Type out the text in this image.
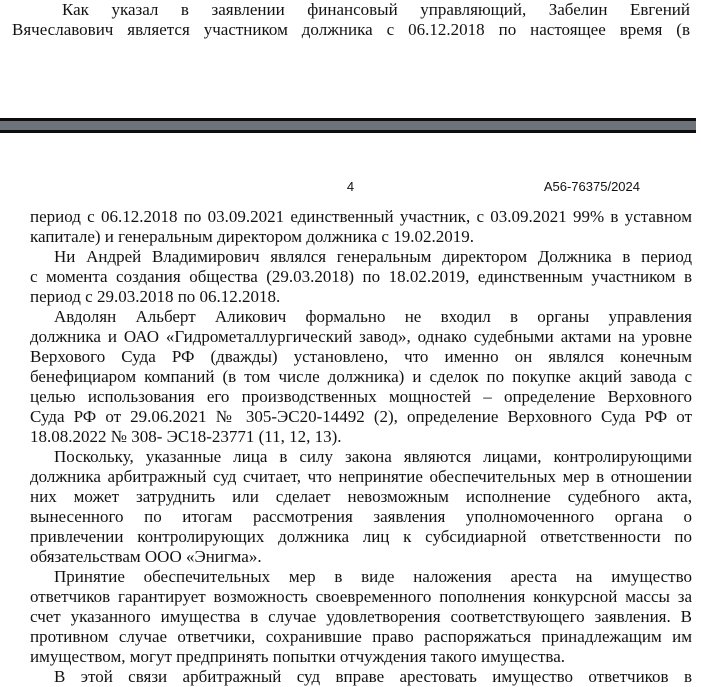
Как указал в заявлении финансовый управляющий, Забелин Евгений
Вячеславович является участником должника с 06.12.2018 по настоящее время (в
4	А56-76375/2024
период с 06.12.2018 по 03.09.2021 единственный участник, с 03.09.2021 99% в уставном
капитале) и генеральным директором должника с 19.02.2019.
Ни Андрей Владимирович являлся генеральным директором Должника в период
с момента создания общества (29.03.2018) по 18.02.2019, единственным участником в
период с 29.03.2018 по 06.12.2018.
Авдолян Альберт Аликович формально не входил в органы управления
должника и ОАО «Гидрометаллургический завод», однако судебными актами на уровне
Верхового Суда РФ (дважды) установлено, что именно он являлся конечным
бенефициаром компаний (в том числе должника) и сделок по покупке акций завода с
целью использования его производственных мощностей – определение Верховного
Суда РФ от 29.06.2021 № 305-ЭС20-14492 (2), определение Верховного Суда РФ от
18.08.2022 № 308- ЭС18-23771 (11, 12, 13).
Поскольку, указанные лица в силу закона являются лицами, контролирующими
должника арбитражный суд считает, что непринятие обеспечительных мер в отношении
них может затруднить или сделает невозможным исполнение судебного акта,
вынесенного по итогам рассмотрения заявления уполномоченного органа о
привлечении контролирующих должника лиц к субсидиарной ответственности по
обязательствам ООО «Энигма».
Принятие обеспечительных мер в виде наложения ареста на имущество
ответчиков гарантирует возможность своевременного пополнения конкурсной массы за
счет указанного имущества в случае удовлетворения соответствующего заявления. В
противном случае ответчики, сохранившие право распоряжаться принадлежащим им
имуществом, могут предпринять попытки отчуждения такого имущества.
В этой связи арбитражный суд вправе арестовать имущество ответчиков в
